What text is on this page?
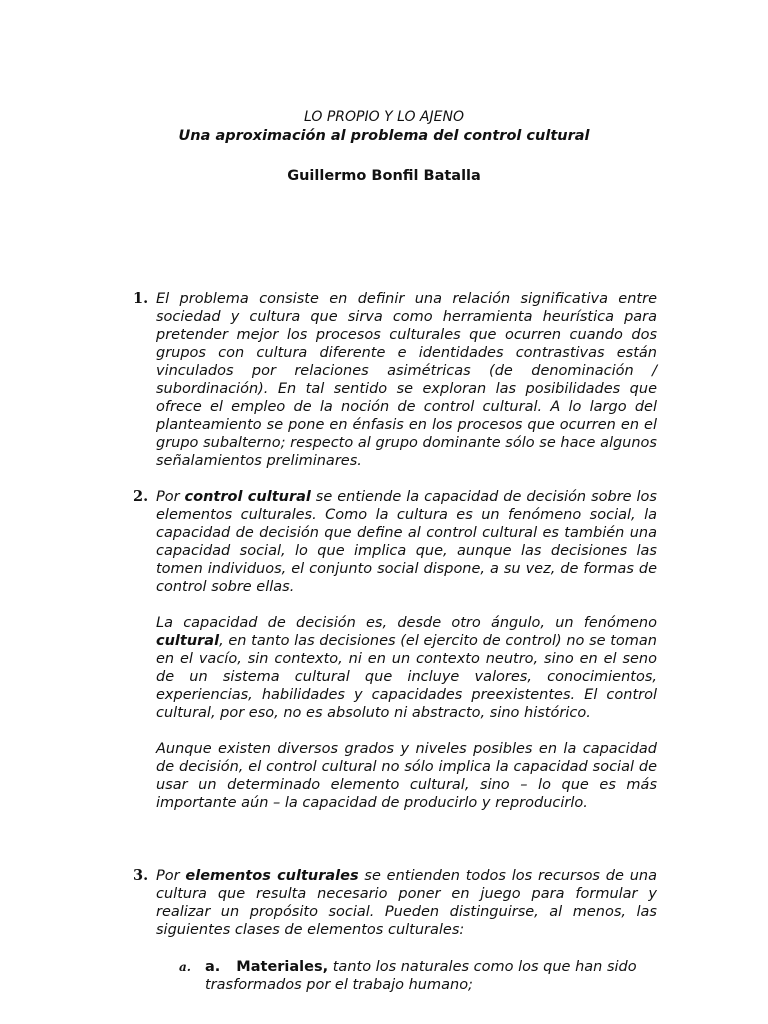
LO PROPIO Y LO AJENO
Una aproximación al problema del control cultural
Guillermo Bonfil Batalla
1. El problema consiste en definir una relación significativa entre sociedad y cultura que sirva como herramienta heurística para pretender mejor los procesos culturales que ocurren cuando dos grupos con cultura diferente e identidades contrastivas están vinculados por relaciones asimétricas (de denominación / subordinación). En tal sentido se exploran las posibilidades que ofrece el empleo de la noción de control cultural. A lo largo del planteamiento se pone en énfasis en los procesos que ocurren en el grupo subalterno; respecto al grupo dominante sólo se hace algunos señalamientos preliminares.
2. Por control cultural se entiende la capacidad de decisión sobre los elementos culturales. Como la cultura es un fenómeno social, la capacidad de decisión que define al control cultural es también una capacidad social, lo que implica que, aunque las decisiones las tomen individuos, el conjunto social dispone, a su vez, de formas de control sobre ellas.

La capacidad de decisión es, desde otro ángulo, un fenómeno cultural, en tanto las decisiones (el ejercito de control) no se toman en el vacío, sin contexto, ni en un contexto neutro, sino en el seno de un sistema cultural que incluye valores, conocimientos, experiencias, habilidades y capacidades preexistentes. El control cultural, por eso, no es absoluto ni abstracto, sino histórico.

Aunque existen diversos grados y niveles posibles en la capacidad de decisión, el control cultural no sólo implica la capacidad social de usar un determinado elemento cultural, sino – lo que es más importante aún – la capacidad de producirlo y reproducirlo.

3. Por elementos culturales se entienden todos los recursos de una cultura que resulta necesario poner en juego para formular y realizar un propósito social. Pueden distinguirse, al menos, las siguientes clases de elementos culturales:
a. a. Materiales, tanto los naturales como los que han sido trasformados por el trabajo humano;
